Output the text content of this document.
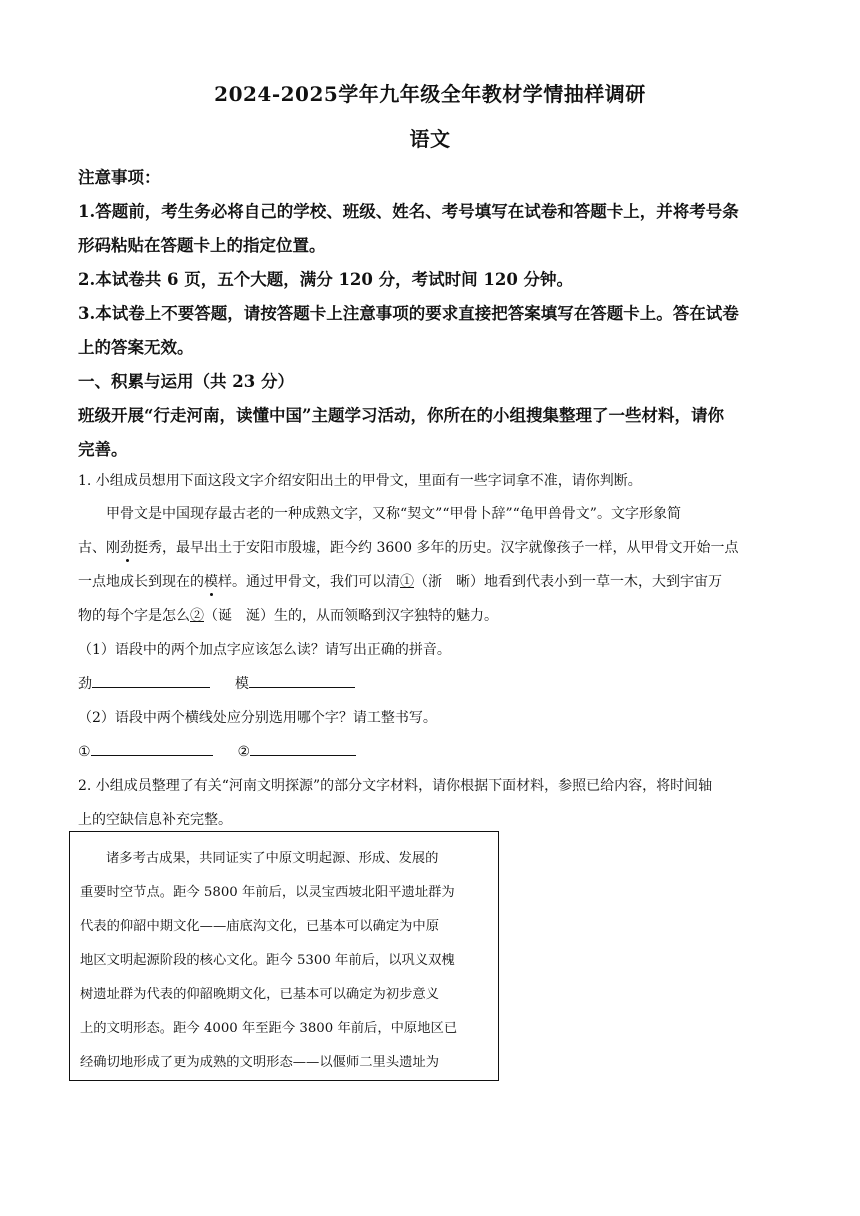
2024-2025学年九年级全年教材学情抽样调研
语文
注意事项：
1.答题前，考生务必将自己的学校、班级、姓名、考号填写在试卷和答题卡上，并将考号条
形码粘贴在答题卡上的指定位置。
2.本试卷共 6 页，五个大题，满分 120 分，考试时间 120 分钟。
3.本试卷上不要答题，请按答题卡上注意事项的要求直接把答案填写在答题卡上。答在试卷
上的答案无效。
一、积累与运用（共 23 分）
班级开展“行走河南，读懂中国”主题学习活动，你所在的小组搜集整理了一些材料，请你
完善。
1. 小组成员想用下面这段文字介绍安阳出土的甲骨文，里面有一些字词拿不准，请你判断。
甲骨文是中国现存最古老的一种成熟文字，又称“契文”“甲骨卜辞”“龟甲兽骨文”。文字形象简
古、刚劲挺秀，最早出土于安阳市殷墟，距今约 3600 多年的历史。汉字就像孩子一样，从甲骨文开始一点
一点地成长到现在的模样。通过甲骨文，我们可以清①（浙　晰）地看到代表小到一草一木，大到宇宙万
物的每个字是怎么②（诞　涎）生的，从而领略到汉字独特的魅力。
（1）语段中的两个加点字应该怎么读？请写出正确的拼音。
劲	模
（2）语段中两个横线处应分别选用哪个字？请工整书写。
①	②
2. 小组成员整理了有关“河南文明探源”的部分文字材料，请你根据下面材料，参照已给内容，将时间轴
上的空缺信息补充完整。
诸多考古成果，共同证实了中原文明起源、形成、发展的
重要时空节点。距今 5800 年前后，以灵宝西坡北阳平遗址群为
代表的仰韶中期文化——庙底沟文化，已基本可以确定为中原
地区文明起源阶段的核心文化。距今 5300 年前后，以巩义双槐
树遗址群为代表的仰韶晚期文化，已基本可以确定为初步意义
上的文明形态。距今 4000 年至距今 3800 年前后，中原地区已
经确切地形成了更为成熟的文明形态——以偃师二里头遗址为
